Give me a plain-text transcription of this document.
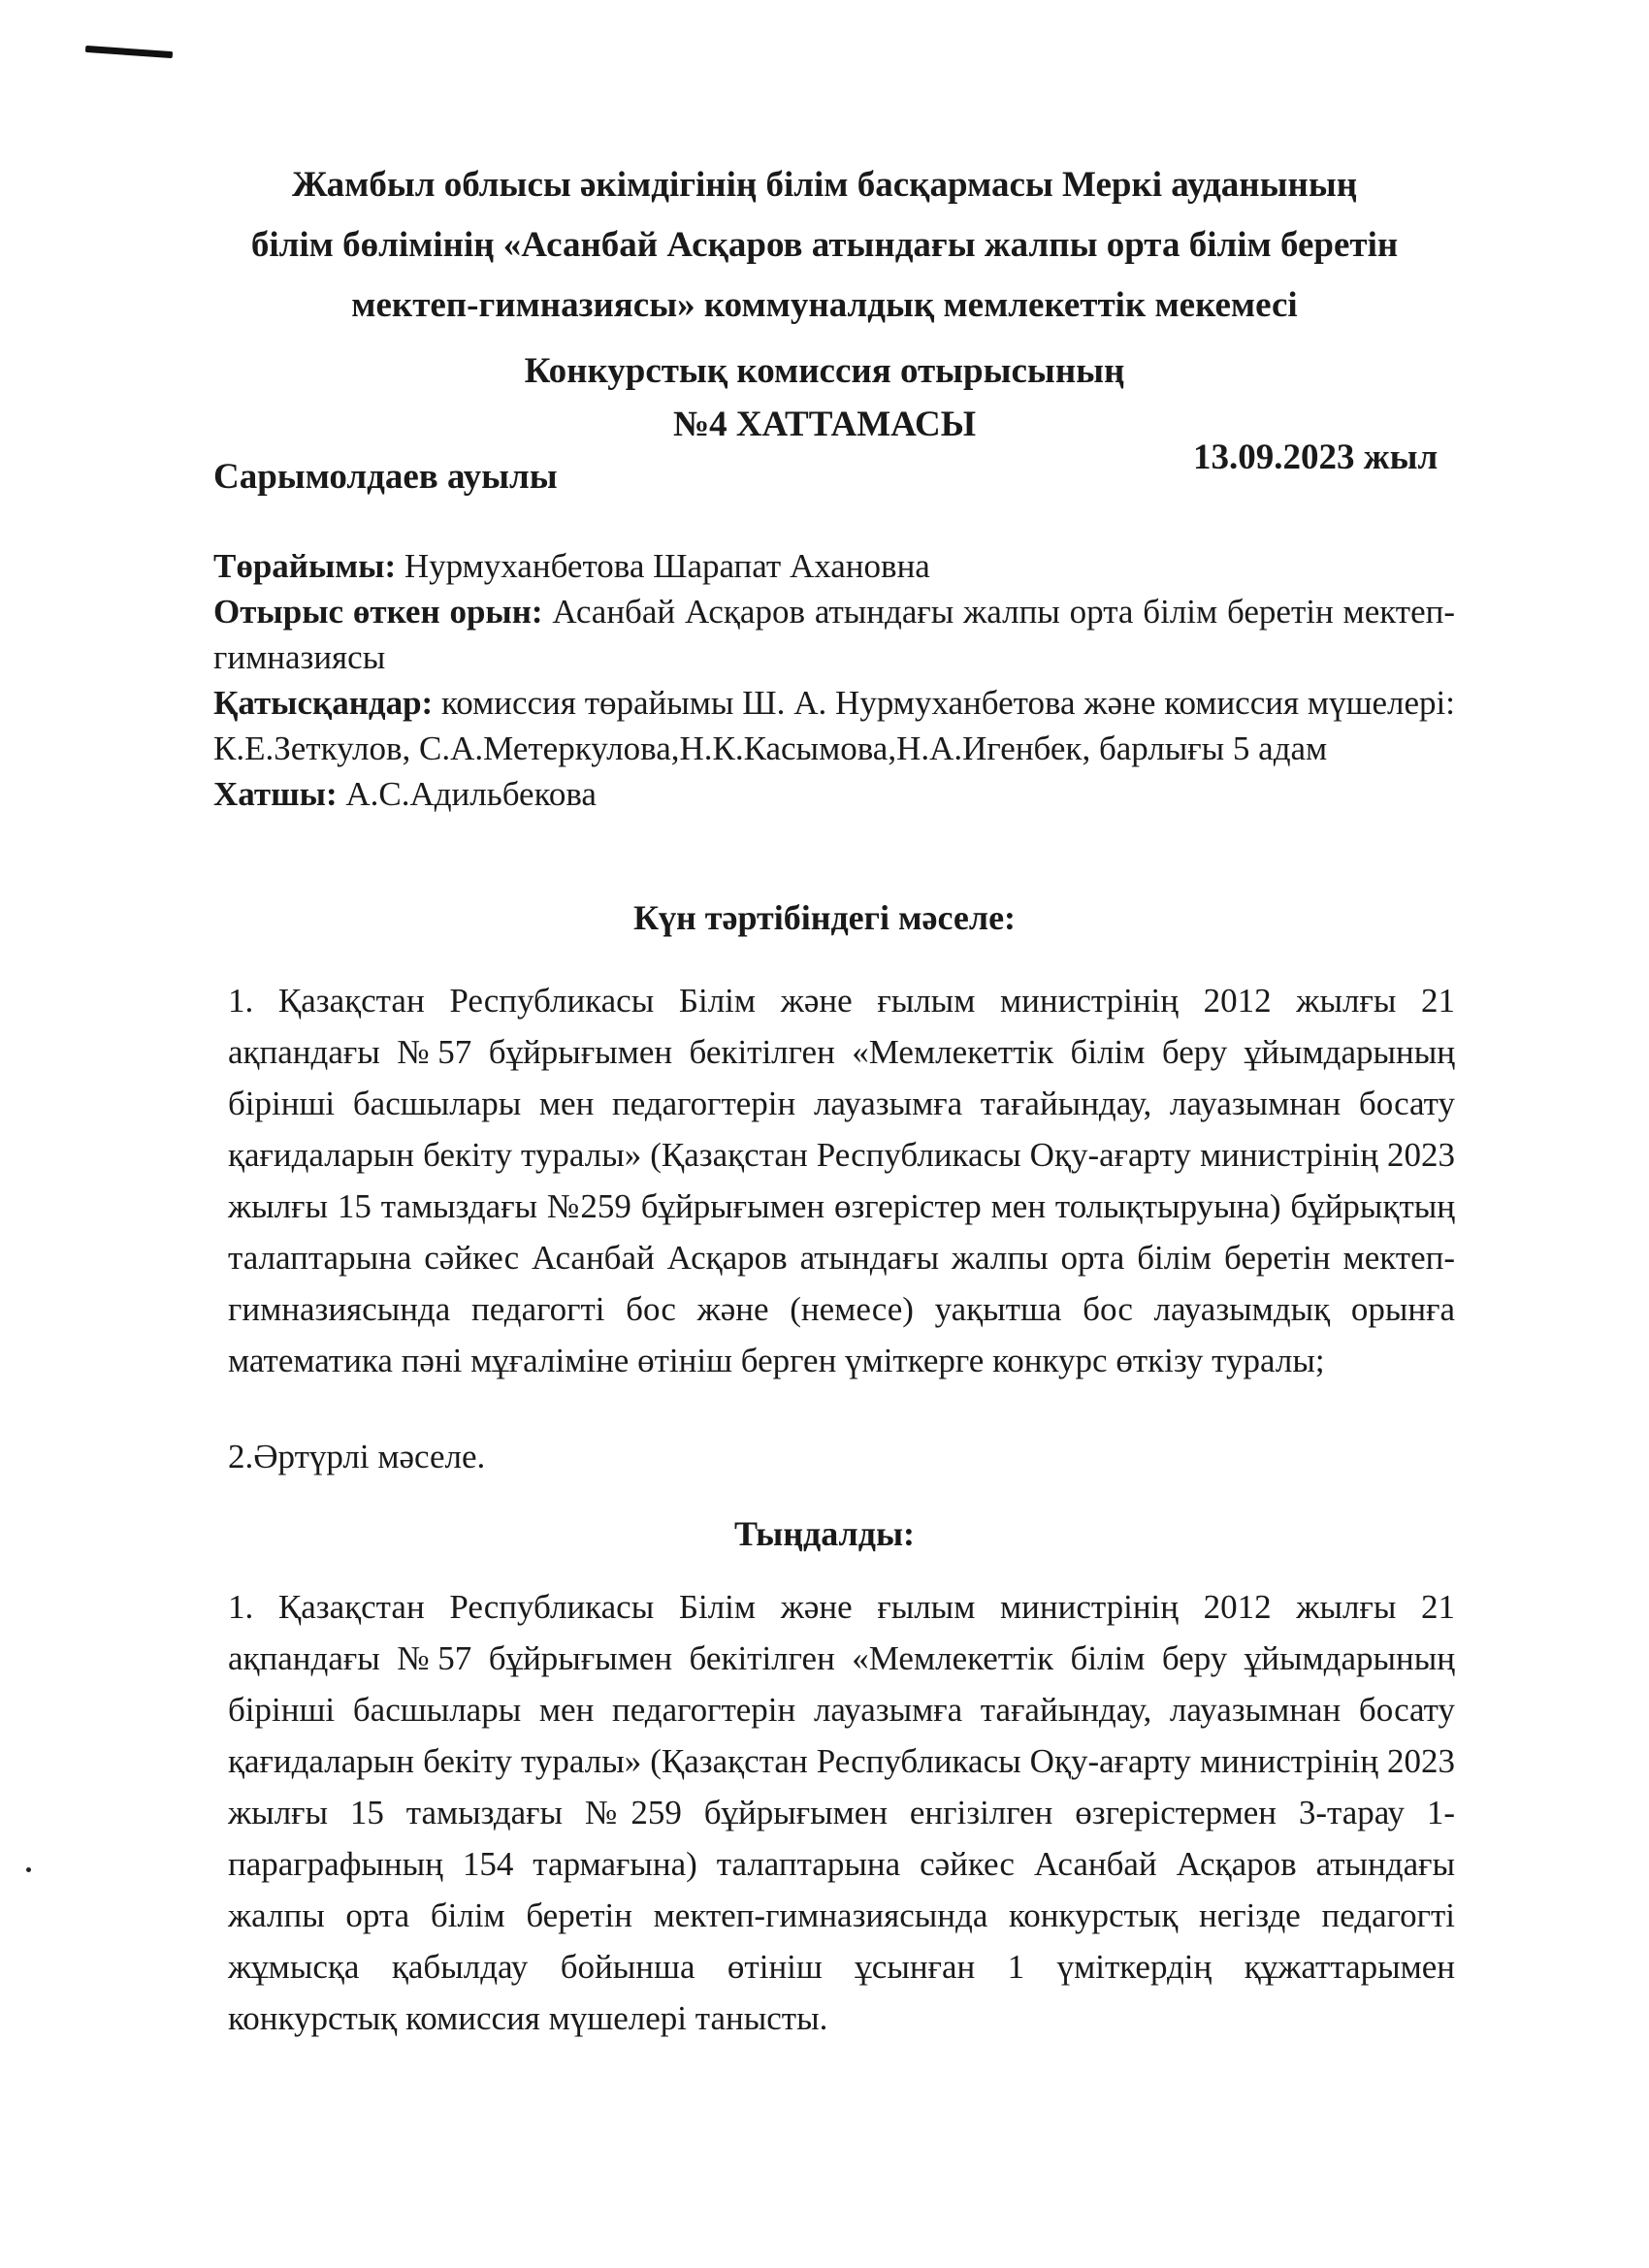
Жамбыл облысы әкімдігінің білім басқармасы Меркі ауданының
білім бөлімінің «Асанбай Асқаров атындағы жалпы орта білім беретін
мектеп-гимназиясы» коммуналдық мемлекеттік мекемесі
Конкурстық комиссия отырысының
№4 ХАТТАМАСЫ
13.09.2023 жыл
Сарымолдаев ауылы

Төрайымы: Нурмуханбетова Шарапат Ахановна

Отырыс өткен орын: Асанбай Асқаров атындағы жалпы орта білім беретін мектеп-гимназиясы

Қатысқандар: комиссия төрайымы Ш. А. Нурмуханбетова және комиссия мүшелері: К.Е.Зеткулов, С.А.Метеркулова,Н.К.Касымова,Н.А.Игенбек, барлығы 5 адам

Хатшы: А.С.Адильбекова

Күн тәртібіндегі мәселе:
1. Қазақстан Республикасы Білім және ғылым министрінің 2012 жылғы 21 ақпандағы №57 бұйрығымен бекітілген «Мемлекеттік білім беру ұйымдарының бірінші басшылары мен педагогтерін лауазымға тағайындау, лауазымнан босату қағидаларын бекіту туралы» (Қазақстан Республикасы Оқу-ағарту министрінің 2023 жылғы 15 тамыздағы №259 бұйрығымен өзгерістер мен толықтыруына) бұйрықтың талаптарына сәйкес Асанбай Асқаров атындағы жалпы орта білім беретін мектеп-гимназиясында педагогті бос және (немесе) уақытша бос лауазымдық орынға математика пәні мұғаліміне өтініш берген үміткерге конкурс өткізу туралы;
2.Әртүрлі мәселе.
Тыңдалды:
1. Қазақстан Республикасы Білім және ғылым министрінің 2012 жылғы 21 ақпандағы №57 бұйрығымен бекітілген «Мемлекеттік білім беру ұйымдарының бірінші басшылары мен педагогтерін лауазымға тағайындау, лауазымнан босату қағидаларын бекіту туралы» (Қазақстан Республикасы Оқу-ағарту министрінің 2023 жылғы 15 тамыздағы №259 бұйрығымен енгізілген өзгерістермен 3-тарау 1-параграфының 154 тармағына) талаптарына сәйкес Асанбай Асқаров атындағы жалпы орта білім беретін мектеп-гимназиясында конкурстық негізде педагогті жұмысқа қабылдау бойынша өтініш ұсынған 1 үміткердің құжаттарымен конкурстық комиссия мүшелері танысты.
